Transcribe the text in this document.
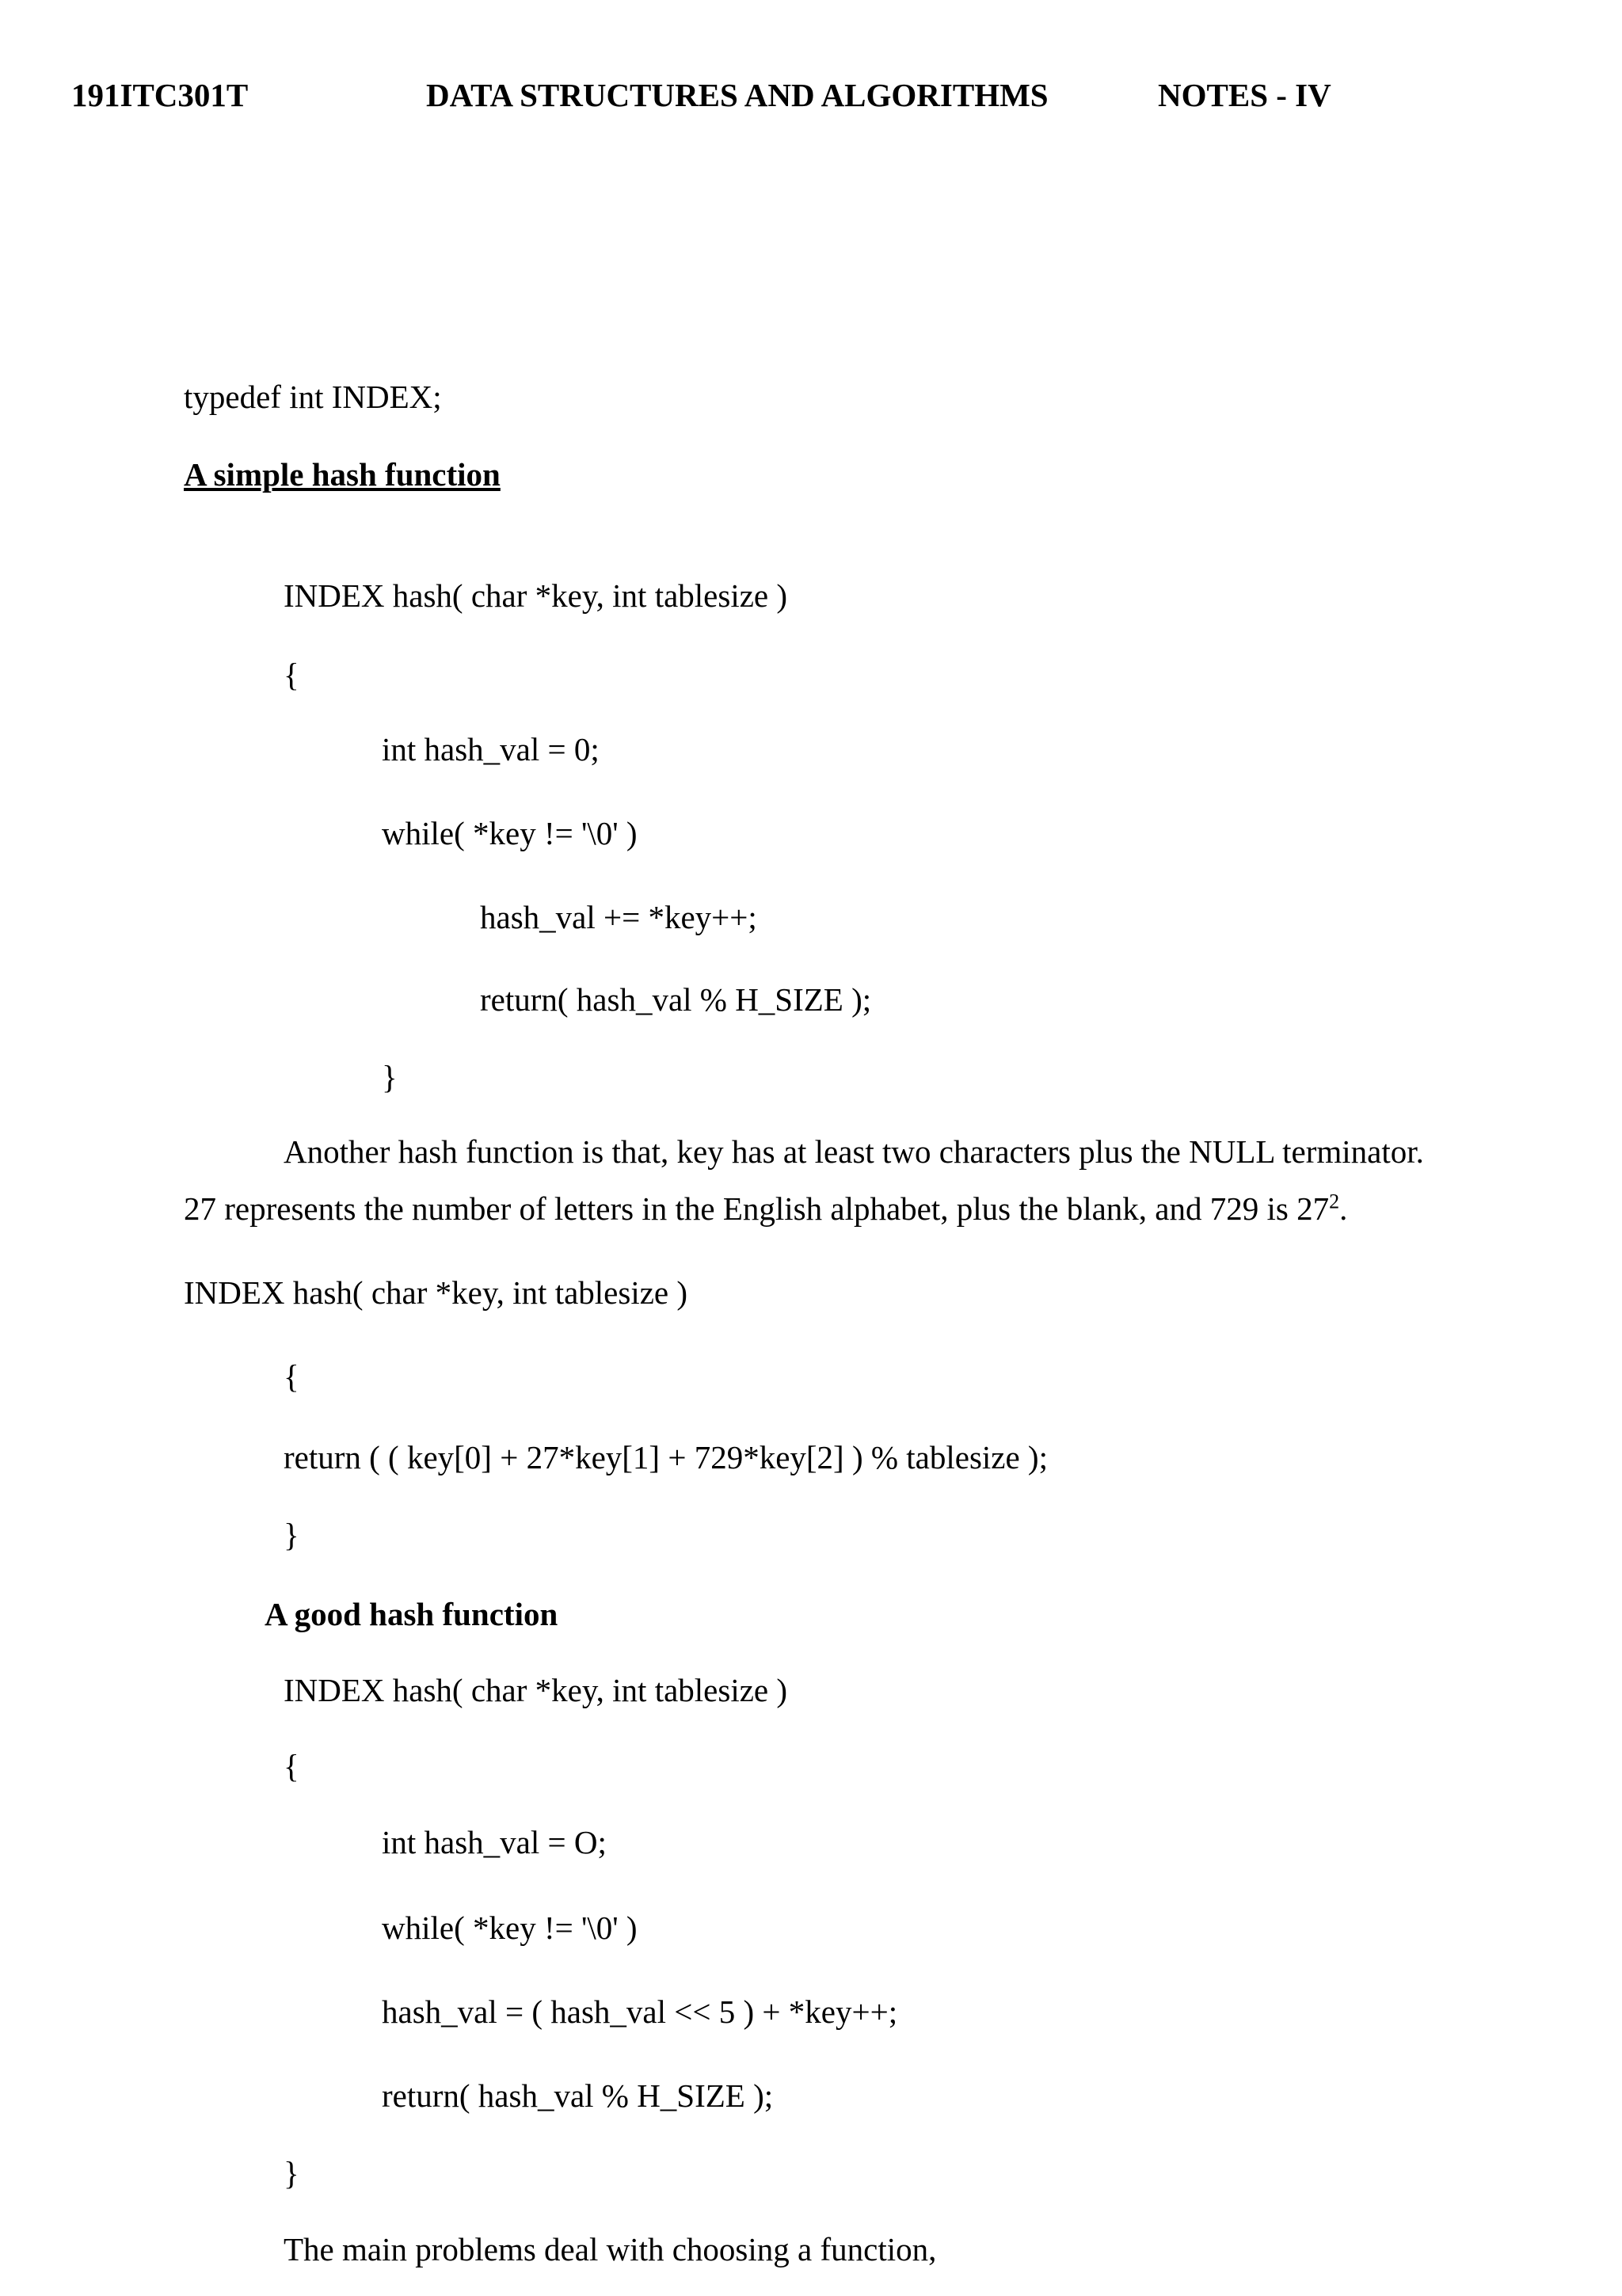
191ITC301T	DATA STRUCTURES AND ALGORITHMS	NOTES - IV
typedef int INDEX;
A simple hash function
INDEX hash( char *key, int tablesize )
{
int hash_val = 0;
while( *key != '\0' )
hash_val += *key++;
return( hash_val % H_SIZE );
}
Another hash function is that, key has at least two characters plus the NULL terminator.
27 represents the number of letters in the English alphabet, plus the blank, and 729 is $27^2$.
INDEX hash( char *key, int tablesize )
{
return ( ( key[0] + 27*key[1] + 729*key[2] ) % tablesize );
}
A good hash function
INDEX hash( char *key, int tablesize )
{
int hash_val = O;
while( *key != '\0' )
hash_val = ( hash_val << 5 ) + *key++;
return( hash_val % H_SIZE );
}
The main problems deal with choosing a function,
